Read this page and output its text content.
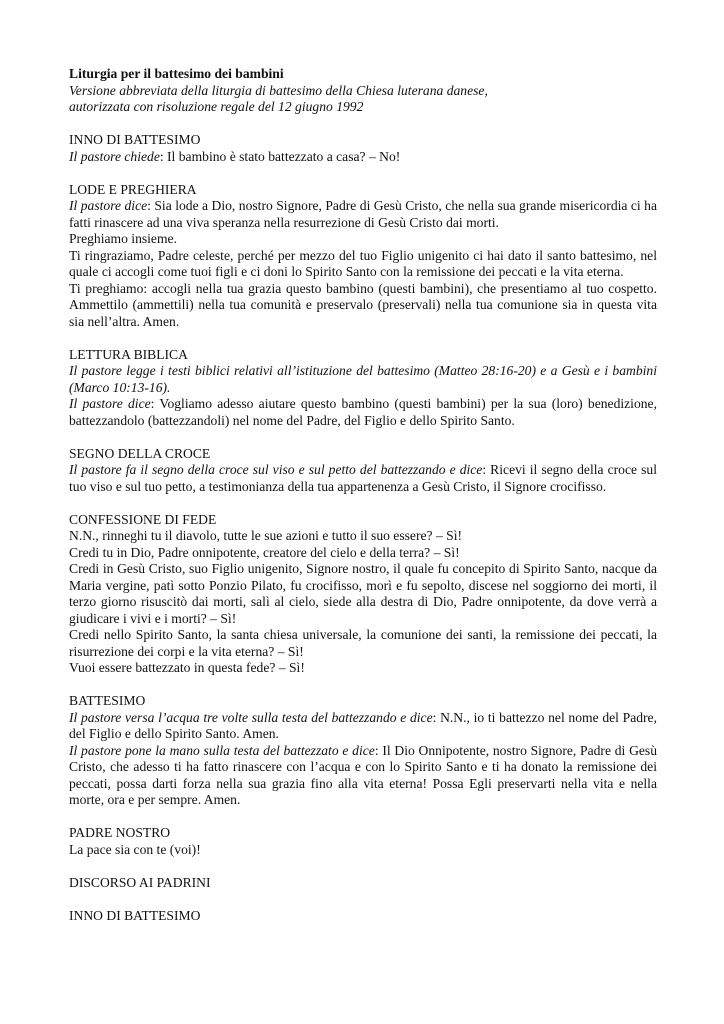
Liturgia per il battesimo dei bambini

Versione abbreviata della liturgia di battesimo della Chiesa luterana danese,

autorizzata con risoluzione regale del 12 giugno 1992

INNO DI BATTESIMO

Il pastore chiede: Il bambino è stato battezzato a casa? – No!

LODE E PREGHIERA

Il pastore dice: Sia lode a Dio, nostro Signore, Padre di Gesù Cristo, che nella sua grande misericordia ci ha fatti rinascere ad una viva speranza nella resurrezione di Gesù Cristo dai morti.

Preghiamo insieme.

Ti ringraziamo, Padre celeste, perché per mezzo del tuo Figlio unigenito ci hai dato il santo battesimo, nel quale ci accogli come tuoi figli e ci doni lo Spirito Santo con la remissione dei peccati e la vita eterna.

Ti preghiamo: accogli nella tua grazia questo bambino (questi bambini), che presentiamo al tuo cospetto. Ammettilo (ammettili) nella tua comunità e preservalo (preservali) nella tua comunione sia in questa vita sia nell’altra. Amen.

LETTURA BIBLICA

Il pastore legge i testi biblici relativi all’istituzione del battesimo (Matteo 28:16-20) e a Gesù e i bambini (Marco 10:13-16).

Il pastore dice: Vogliamo adesso aiutare questo bambino (questi bambini) per la sua (loro) benedizione, battezzandolo (battezzandoli) nel nome del Padre, del Figlio e dello Spirito Santo.

SEGNO DELLA CROCE

Il pastore fa il segno della croce sul viso e sul petto del battezzando e dice: Ricevi il segno della croce sul tuo viso e sul tuo petto, a testimonianza della tua appartenenza a Gesù Cristo, il Signore crocifisso.

CONFESSIONE DI FEDE

N.N., rinneghi tu il diavolo, tutte le sue azioni e tutto il suo essere? – Sì!

Credi tu in Dio, Padre onnipotente, creatore del cielo e della terra? – Sì!

Credi in Gesù Cristo, suo Figlio unigenito, Signore nostro, il quale fu concepito di Spirito Santo, nacque da Maria vergine, patì sotto Ponzio Pilato, fu crocifisso, morì e fu sepolto, discese nel soggiorno dei morti, il terzo giorno risuscitò dai morti, salì al cielo, siede alla destra di Dio, Padre onnipotente, da dove verrà a giudicare i vivi e i morti? – Sì!

Credi nello Spirito Santo, la santa chiesa universale, la comunione dei santi, la remissione dei peccati, la risurrezione dei corpi e la vita eterna? – Sì!

Vuoi essere battezzato in questa fede? – Sì!

BATTESIMO

Il pastore versa l’acqua tre volte sulla testa del battezzando e dice: N.N., io ti battezzo nel nome del Padre, del Figlio e dello Spirito Santo. Amen.

Il pastore pone la mano sulla testa del battezzato e dice: Il Dio Onnipotente, nostro Signore, Padre di Gesù Cristo, che adesso ti ha fatto rinascere con l’acqua e con lo Spirito Santo e ti ha donato la remissione dei peccati, possa darti forza nella sua grazia fino alla vita eterna! Possa Egli preservarti nella vita e nella morte, ora e per sempre. Amen.

PADRE NOSTRO

La pace sia con te (voi)!

DISCORSO AI PADRINI

INNO DI BATTESIMO
